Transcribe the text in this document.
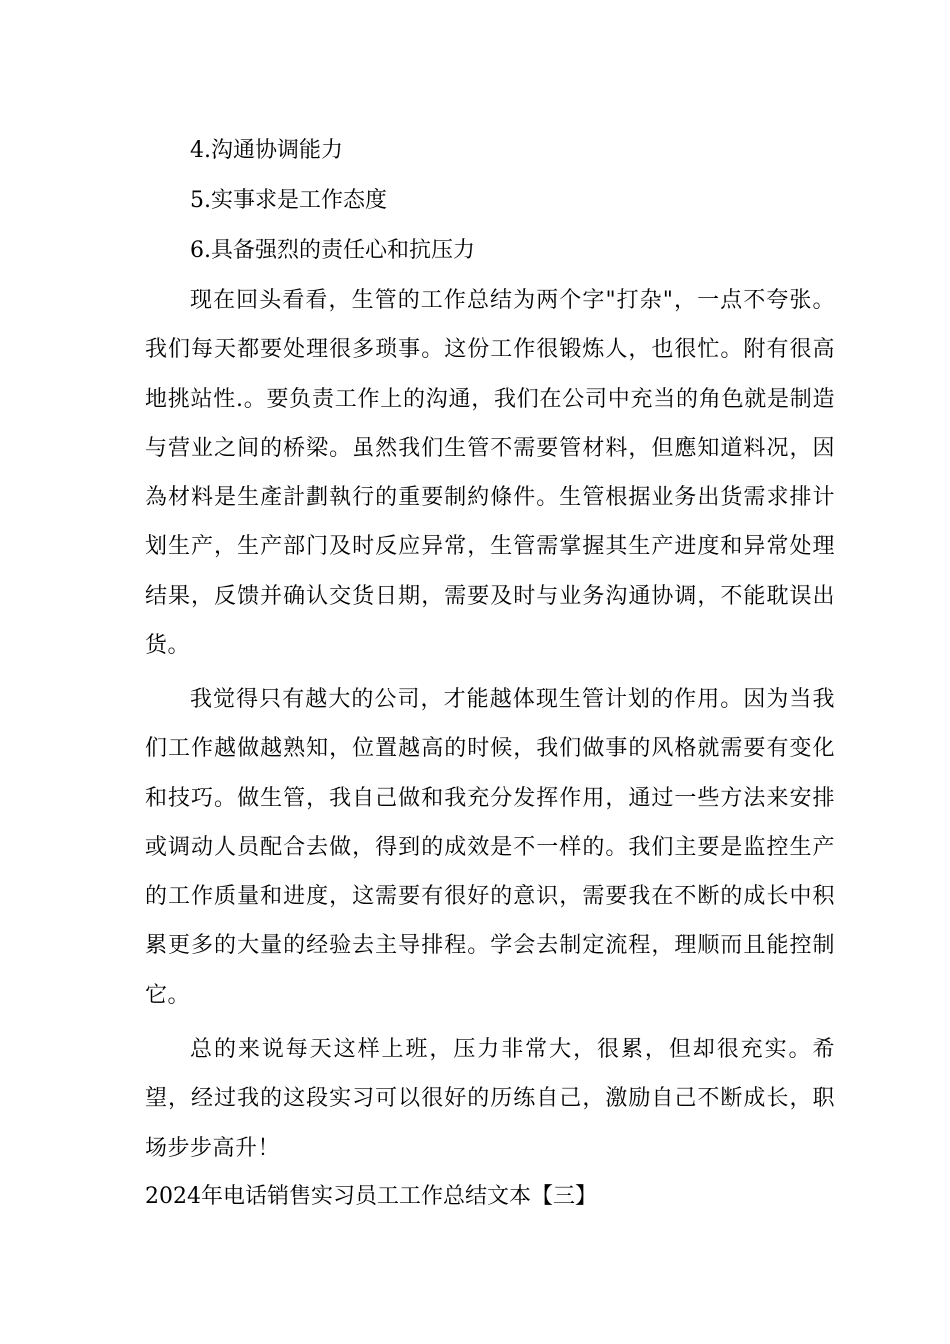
4.沟通协调能力
5.实事求是工作态度
6.具备强烈的责任心和抗压力
现在回头看看，生管的工作总结为两个字"打杂"，一点不夸张。我们每天都要处理很多琐事。这份工作很锻炼人，也很忙。附有很高地挑站性.。要负责工作上的沟通，我们在公司中充当的角色就是制造与营业之间的桥梁。虽然我们生管不需要管材料，但應知道料况，因為材料是生產計劃執行的重要制約條件。生管根据业务出货需求排计划生产，生产部门及时反应异常，生管需掌握其生产进度和异常处理结果，反馈并确认交货日期，需要及时与业务沟通协调，不能耽误出货。
我觉得只有越大的公司，才能越体现生管计划的作用。因为当我们工作越做越熟知，位置越高的时候，我们做事的风格就需要有变化和技巧。做生管，我自己做和我充分发挥作用，通过一些方法来安排或调动人员配合去做，得到的成效是不一样的。我们主要是监控生产的工作质量和进度，这需要有很好的意识，需要我在不断的成长中积累更多的大量的经验去主导排程。学会去制定流程，理顺而且能控制它。
总的来说每天这样上班，压力非常大，很累，但却很充实。希望，经过我的这段实习可以很好的历练自己，激励自己不断成长，职场步步高升！
2024年电话销售实习员工工作总结文本【三】
